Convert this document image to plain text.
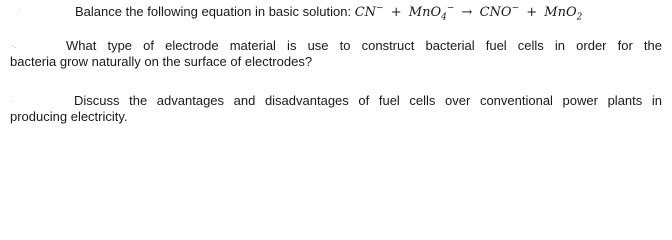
·	Balance the following equation in basic solution: CN− + MnO$_4$− → CNO− + MnO$_2$
··.	What type of electrode material is use to construct bacterial fuel cells in order for the
bacteria grow naturally on the surface of electrodes?
·	Discuss the advantages and disadvantages of fuel cells over conventional power plants in
producing electricity.
